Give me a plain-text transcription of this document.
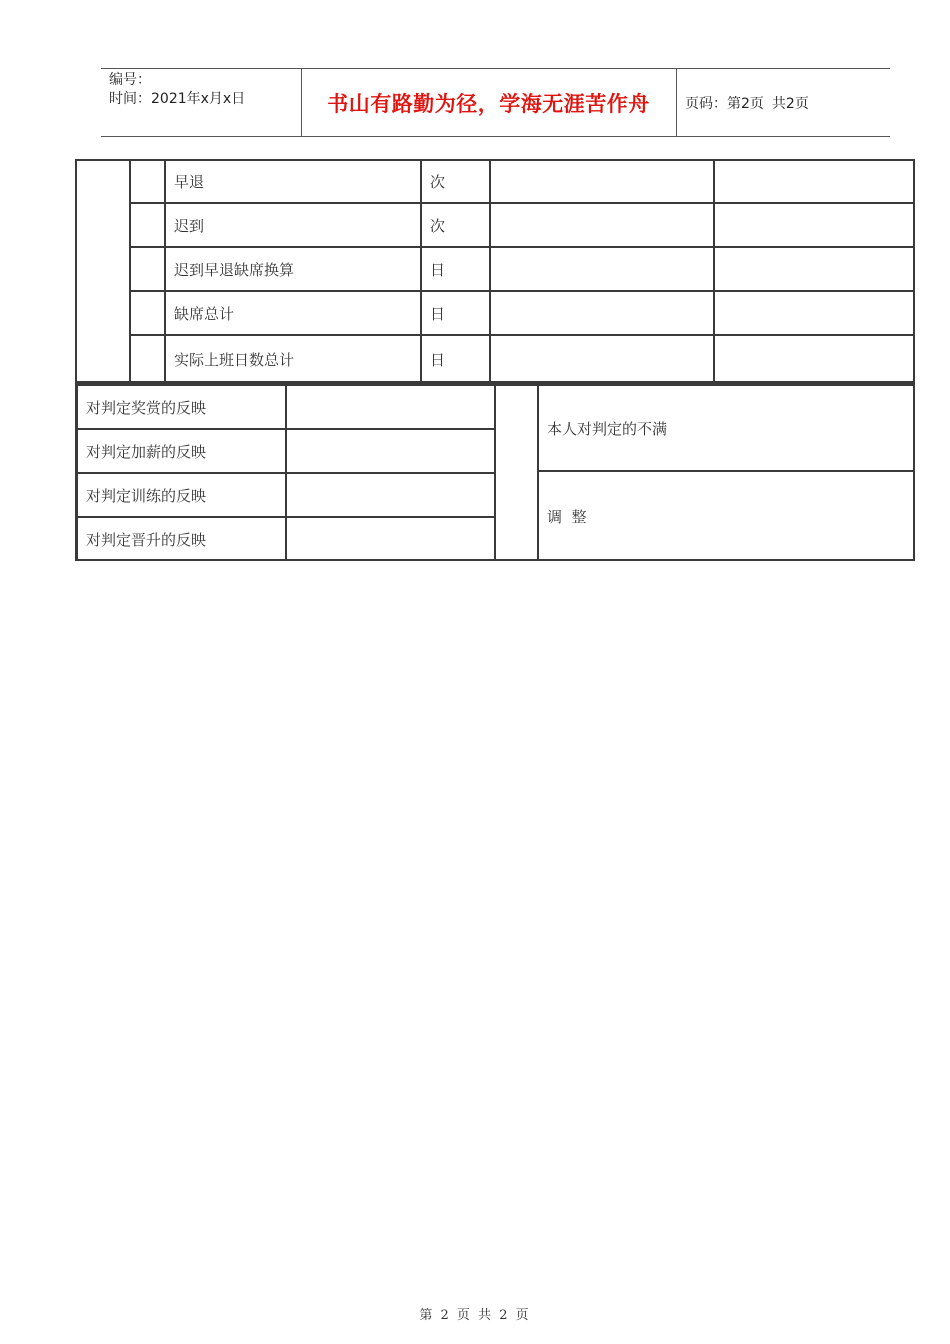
编号：
时间：2021年x月x日	书山有路勤为径，学海无涯苦作舟	页码：第2页 共2页
早退	次
迟到	次
迟到早退缺席换算	日
缺席总计	日
实际上班日数总计	日
对判定奖赏的反映
对判定加薪的反映
对判定训练的反映
对判定晋升的反映
本人对判定的不满
调  整
第 2 页 共 2 页
